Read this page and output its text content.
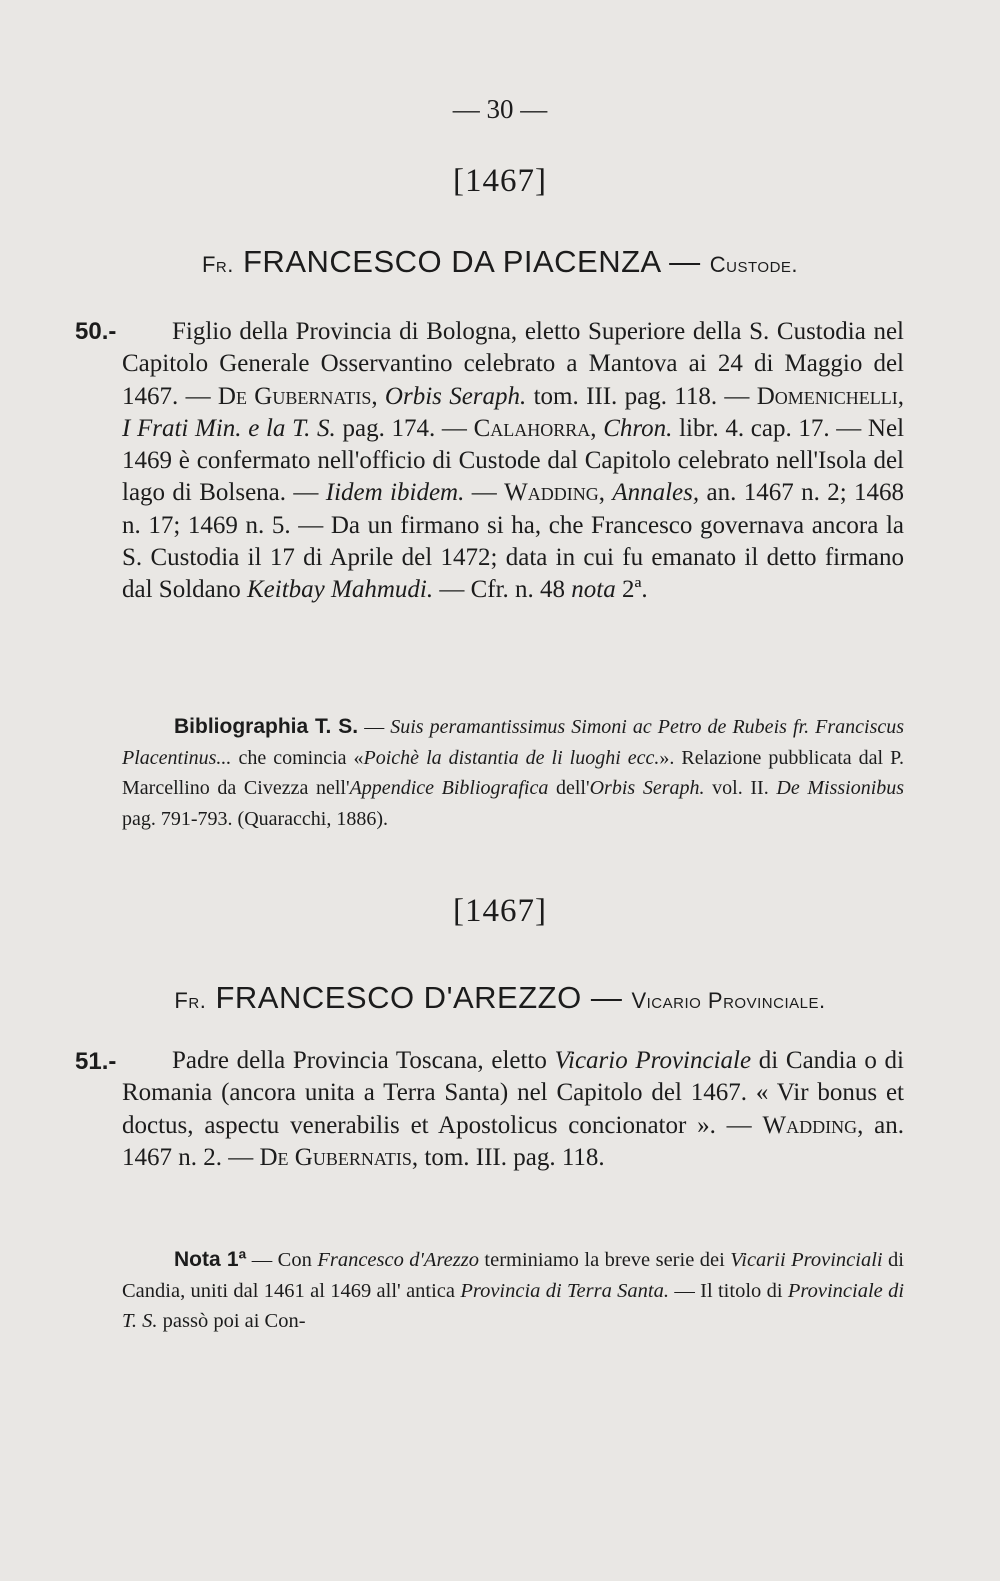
— 30 —
[1467]
Fr. FRANCESCO DA PIACENZA — Custode.
50.-	Figlio della Provincia di Bologna, eletto Superiore della S. Custodia nel Capitolo Generale Osservantino celebrato a Mantova ai 24 di Maggio del 1467. — De Gubernatis, Orbis Seraph. tom. III. pag. 118. — Domenichelli, I Frati Min. e la T. S. pag. 174. — Calahorra, Chron. libr. 4. cap. 17. — Nel 1469 è confermato nell'officio di Custode dal Capitolo celebrato nell'Isola del lago di Bolsena. — Iidem ibidem. — Wadding, Annales, an. 1467 n. 2; 1468 n. 17; 1469 n. 5. — Da un firmano si ha, che Francesco governava ancora la S. Custodia il 17 di Aprile del 1472; data in cui fu emanato il detto firmano dal Soldano Keitbay Mahmudi. — Cfr. n. 48 nota 2ª.
Bibliographia T. S. — Suis peramantissimus Simoni ac Petro de Rubeis fr. Franciscus Placentinus... che comincia «Poichè la distantia de li luoghi ecc.». Relazione pubblicata dal P. Marcellino da Civezza nell'Appendice Bibliografica dell'Orbis Seraph. vol. II. De Missionibus pag. 791-793. (Quaracchi, 1886).
[1467]
Fr. FRANCESCO D'AREZZO — Vicario Provinciale.
51.-	Padre della Provincia Toscana, eletto Vicario Provinciale di Candia o di Romania (ancora unita a Terra Santa) nel Capitolo del 1467. « Vir bonus et doctus, aspectu venerabilis et Apostolicus concionator ». — Wadding, an. 1467 n. 2. — De Gubernatis, tom. III. pag. 118.
Nota 1ª — Con Francesco d'Arezzo terminiamo la breve serie dei Vicarii Provinciali di Candia, uniti dal 1461 al 1469 all' antica Provincia di Terra Santa. — Il titolo di Provinciale di T. S. passò poi ai Con-
